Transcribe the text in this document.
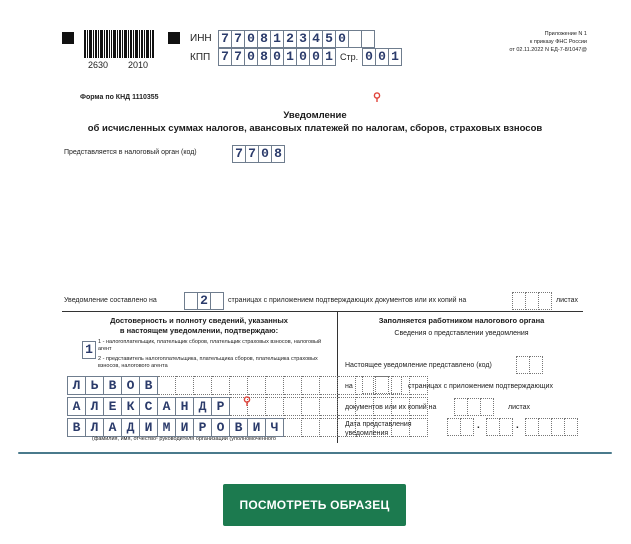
2630 2010
ИНН 7 7 0 8 1 2 3 4 5 0
КПП 7 7 0 8 0 1 0 0 1 Стр. 0 0 1
Приложение N 1
к приказу ФНС России
от 02.11.2022 N ЕД-7-8/1047@
Форма по КНД 1110355
Уведомление
об исчисленных суммах налогов, авансовых платежей по налогам, сборов, страховых взносов
Представляется в налоговый орган (код)	7 7 0 8
Уведомление составлено на	2	страницах с приложением подтверждающих документов или их копий на	листах
Достоверность и полноту сведений, указанных
в настоящем уведомлении, подтверждаю:
1 1 - налогоплательщик, плательщик сборов, плательщик страховых взносов, налоговый агент
2 - представитель налогоплательщика, плательщика сборов, плательщика страховых взносов, налогового агента
Л Ь В О В
А Л Е К С А Н Д Р
В Л А Д И М И Р О В И Ч
(фамилия, имя, отчество¹ руководителя организации (уполномоченного
Заполняется работником налогового органа
Сведения о представлении уведомления
Настоящее уведомление представлено (код)
на	страницах с приложением подтверждающих
документов или их копий на	листах
Дата представления
уведомления
.	.
ПОСМОТРЕТЬ ОБРАЗЕЦ
